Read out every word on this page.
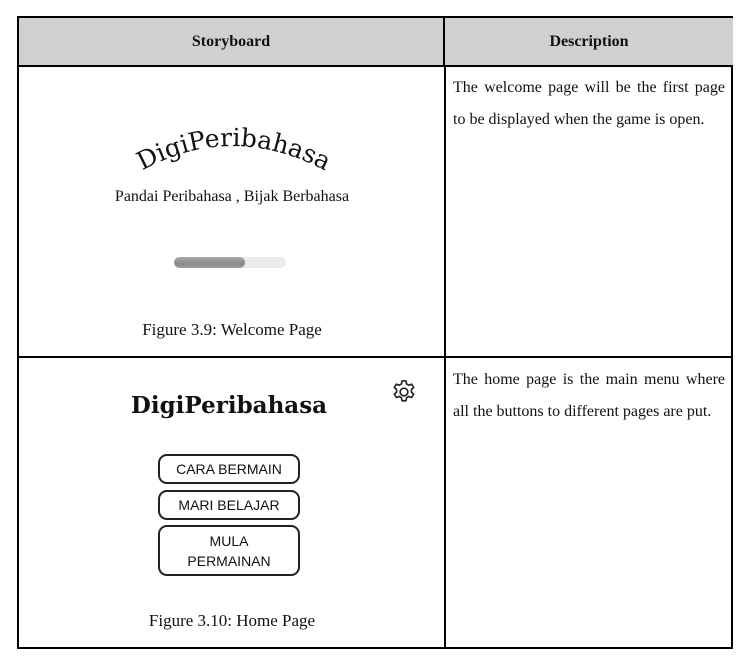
Storyboard	Description
DigiPeribahasa
Pandai Peribahasa , Bijak Berbahasa
Figure 3.9: Welcome Page
The welcome page will be the first page to be displayed when the game is open.
DigiPeribahasa
CARA BERMAIN
MARI BELAJAR
MULA PERMAINAN
Figure 3.10: Home Page
The home page is the main menu where all the buttons to different pages are put.
